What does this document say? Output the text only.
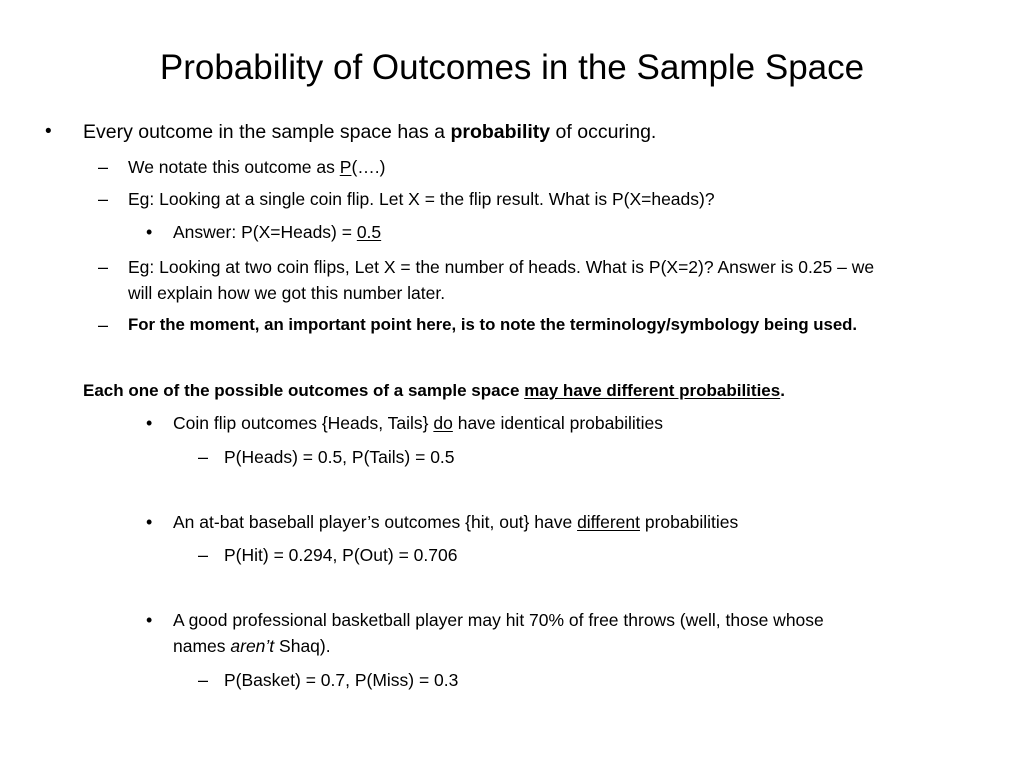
Probability of Outcomes in the Sample Space
• Every outcome in the sample space has a probability of occuring.
– We notate this outcome as P(….)
– Eg: Looking at a single coin flip. Let X = the flip result. What is P(X=heads)?
• Answer: P(X=Heads) = 0.5
– Eg: Looking at two coin flips, Let X = the number of heads. What is P(X=2)? Answer is 0.25 – we
will explain how we got this number later.
– For the moment, an important point here, is to note the terminology/symbology being used.
Each one of the possible outcomes of a sample space may have different probabilities.
• Coin flip outcomes {Heads, Tails} do have identical probabilities
– P(Heads) = 0.5, P(Tails) = 0.5
• An at-bat baseball player’s outcomes {hit, out} have different probabilities
– P(Hit) = 0.294, P(Out) = 0.706
• A good professional basketball player may hit 70% of free throws (well, those whose
names aren’t Shaq).
– P(Basket) = 0.7, P(Miss) = 0.3
